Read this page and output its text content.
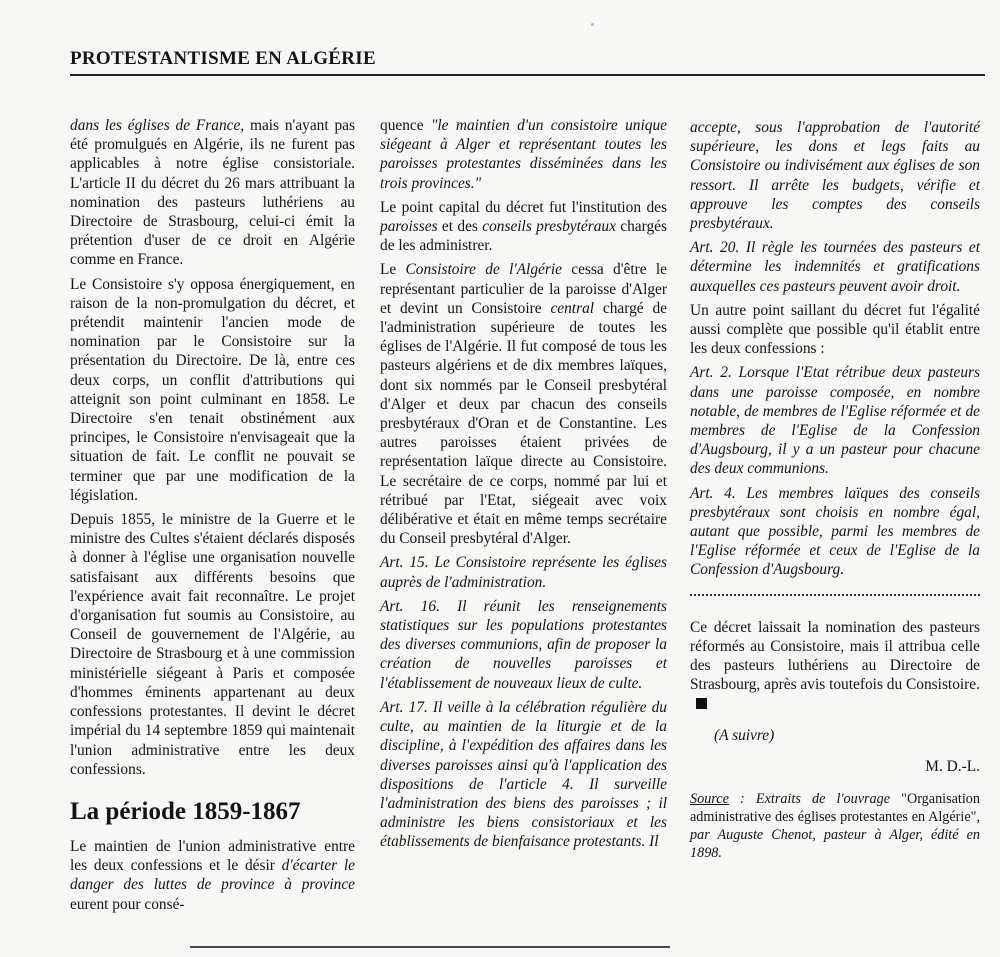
PROTESTANTISME EN ALGÉRIE

dans les églises de France, mais n'ayant pas été promulgués en Algérie, ils ne furent pas applicables à notre église consistoriale. L'article II du décret du 26 mars attribuant la nomination des pasteurs luthériens au Directoire de Strasbourg, celui-ci émit la prétention d'user de ce droit en Algérie comme en France.

Le Consistoire s'y opposa énergiquement, en raison de la non-promulgation du décret, et prétendit maintenir l'ancien mode de nomination par le Consistoire sur la présentation du Directoire. De là, entre ces deux corps, un conflit d'attributions qui atteignit son point culminant en 1858. Le Directoire s'en tenait obstinément aux principes, le Consistoire n'envisageait que la situation de fait. Le conflit ne pouvait se terminer que par une modification de la législation.

Depuis 1855, le ministre de la Guerre et le ministre des Cultes s'étaient déclarés disposés à donner à l'église une organisation nouvelle satisfaisant aux différents besoins que l'expérience avait fait reconnaître. Le projet d'organisation fut soumis au Consistoire, au Conseil de gouvernement de l'Algérie, au Directoire de Strasbourg et à une commission ministérielle siégeant à Paris et composée d'hommes éminents appartenant au deux confessions protestantes. Il devint le décret impérial du 14 septembre 1859 qui maintenait l'union administrative entre les deux confessions.

La période 1859-1867

Le maintien de l'union administrative entre les deux confessions et le désir d'écarter le danger des luttes de province à province eurent pour consé-

quence "le maintien d'un consistoire unique siégeant à Alger et représentant toutes les paroisses protestantes disséminées dans les trois provinces."

Le point capital du décret fut l'institution des paroisses et des conseils presbytéraux chargés de les administrer.

Le Consistoire de l'Algérie cessa d'être le représentant particulier de la paroisse d'Alger et devint un Consistoire central chargé de l'administration supérieure de toutes les églises de l'Algérie. Il fut composé de tous les pasteurs algériens et de dix membres laïques, dont six nommés par le Conseil presbytéral d'Alger et deux par chacun des conseils presbytéraux d'Oran et de Constantine. Les autres paroisses étaient privées de représentation laïque directe au Consistoire. Le secrétaire de ce corps, nommé par lui et rétribué par l'Etat, siégeait avec voix délibérative et était en même temps secrétaire du Conseil presbytéral d'Alger.

Art. 15. Le Consistoire représente les églises auprès de l'administration.

Art. 16. Il réunit les renseignements statistiques sur les populations protestantes des diverses communions, afin de proposer la création de nouvelles paroisses et l'établissement de nouveaux lieux de culte.

Art. 17. Il veille à la célébration régulière du culte, au maintien de la liturgie et de la discipline, à l'expédition des affaires dans les diverses paroisses ainsi qu'à l'application des dispositions de l'article 4. Il surveille l'administration des biens des paroisses ; il administre les biens consistoriaux et les établissements de bienfaisance protestants. Il

accepte, sous l'approbation de l'autorité supérieure, les dons et legs faits au Consistoire ou indivisément aux églises de son ressort. Il arrête les budgets, vérifie et approuve les comptes des conseils presbytéraux.

Art. 20. Il règle les tournées des pasteurs et détermine les indemnités et gratifications auxquelles ces pasteurs peuvent avoir droit.

Un autre point saillant du décret fut l'égalité aussi complète que possible qu'il établit entre les deux confessions :

Art. 2. Lorsque l'Etat rétribue deux pasteurs dans une paroisse composée, en nombre notable, de membres de l'Eglise réformée et de membres de l'Eglise de la Confession d'Augsbourg, il y a un pasteur pour chacune des deux communions.

Art. 4. Les membres laïques des conseils presbytéraux sont choisis en nombre égal, autant que possible, parmi les membres de l'Eglise réformée et ceux de l'Eglise de la Confession d'Augsbourg.

Ce décret laissait la nomination des pasteurs réformés au Consistoire, mais il attribua celle des pasteurs luthériens au Directoire de Strasbourg, après avis toutefois du Consistoire.

(A suivre)

M. D.-L.

Source : Extraits de l'ouvrage "Organisation administrative des églises protestantes en Algérie", par Auguste Chenot, pasteur à Alger, édité en 1898.
